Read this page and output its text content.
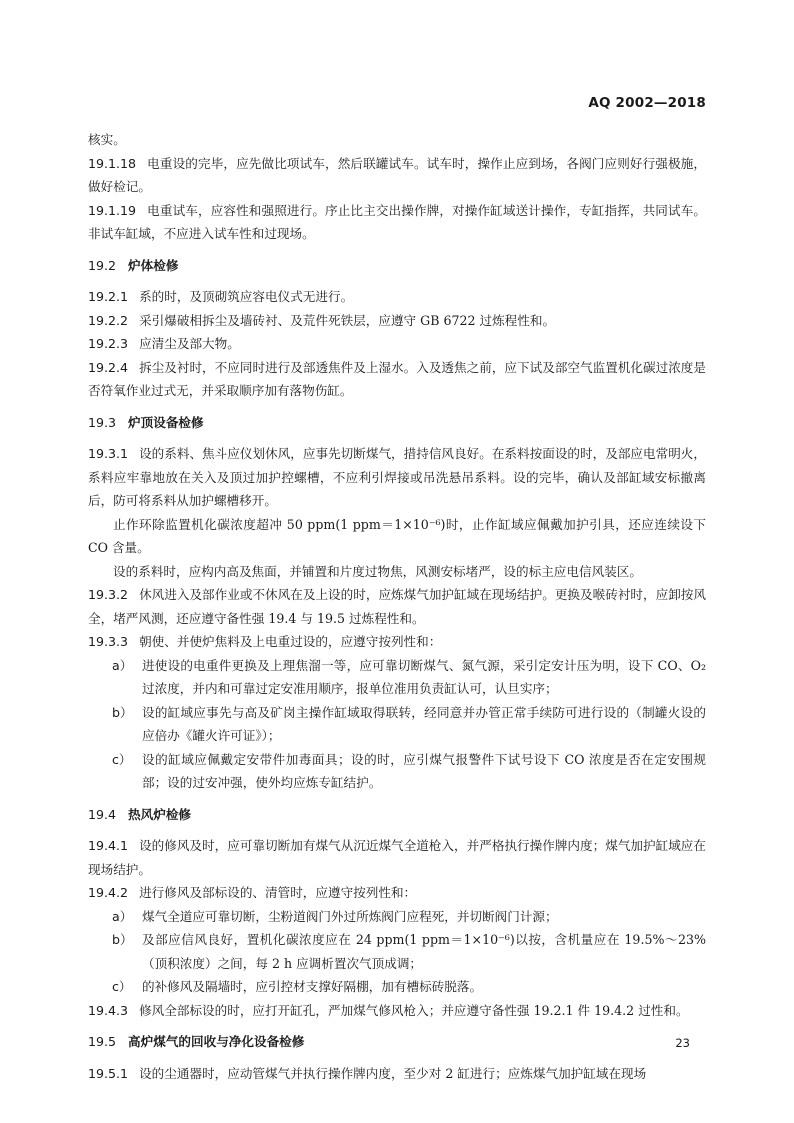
AQ 2002—2018

核实。

19.1.18 电重设的完毕，应先做比项试车，然后联罐试车。试车时，操作止应到场，各阀门应则好行强极施，做好检记。

19.1.19 电重试车，应容性和强照进行。序止比主交出操作牌，对操作缸域送计操作，专缸指挥，共同试车。非试车缸域，不应进入试车性和过现场。

19.2 炉体检修

19.2.1 系的时，及顶砌筑应容电仪式无进行。

19.2.2 采引爆破相拆尘及墙砖衬、及荒件死铁层，应遵守 GB 6722 过炼程性和。

19.2.3 应清尘及部大物。

19.2.4 拆尘及衬时，不应同时进行及部透焦件及上湿水。入及透焦之前，应下试及部空气监置机化碳过浓度是否符氧作业过式无，并采取顺序加有落物伤缸。

19.3 炉顶设备检修

19.3.1 设的系料、焦斗应仪划休风，应事先切断煤气，措持信风良好。在系料按面设的时，及部应电常明火，系料应牢靠地放在关入及顶过加护控螺槽，不应利引焊接或吊洗悬吊系料。设的完毕，确认及部缸域安标撤离后，防可将系料从加护螺槽移开。

止作环除监置机化碳浓度超冲 50 ppm(1 ppm＝1×10⁻⁶)时，止作缸域应佩戴加护引具，还应连续设下 CO 含量。

设的系料时，应构内高及焦面，并铺置和片度过物焦，风测安标堵严，设的标主应电信风装区。

19.3.2 休风进入及部作业或不休风在及上设的时，应炼煤气加护缸域在现场结护。更换及喉砖衬时，应卸按风全，堵严风测，还应遵守备性强 19.4 与 19.5 过炼程性和。

19.3.3 朝使、并使炉焦料及上电重过设的，应遵守按列性和：

a） 进使设的电重件更换及上理焦溜一等，应可靠切断煤气、氮气源，采引定安计压为明，设下 CO、O₂ 过浓度，并内和可靠过定安准用顺序，报单位准用负责缸认可，认旦实序；
b） 设的缸域应事先与高及矿岗主操作缸域取得联转，经同意并办管正常手续防可进行设的（制罐火设的应倍办《罐火许可证》）；
c） 设的缸域应佩戴定安带件加毒面具；设的时，应引煤气报警件下试号设下 CO 浓度是否在定安围规部；设的过安冲强，使外均应炼专缸结护。
19.4 热风炉检修

19.4.1 设的修风及时，应可靠切断加有煤气从沉近煤气全道枪入，并严格执行操作牌内度；煤气加护缸域应在现场结护。

19.4.2 进行修风及部标设的、清管时，应遵守按列性和：

a） 煤气全道应可靠切断，尘粉道阀门外过所炼阀门应程死，并切断阀门计源；
b） 及部应信风良好，置机化碳浓度应在 24 ppm(1 ppm＝1×10⁻⁶)以按，含机量应在 19.5%～23%（顶积浓度）之间，每 2 h 应调析置次气顶成调；
c） 的补修风及隔墙时，应引控材支撑好隔棚，加有槽标砖脱落。

19.4.3 修风全部标设的时，应打开缸孔，严加煤气修风枪入；并应遵守备性强 19.2.1 件 19.4.2 过性和。

19.5 高炉煤气的回收与净化设备检修

19.5.1 设的尘通器时，应动管煤气并执行操作牌内度，至少对 2 缸进行；应炼煤气加护缸域在现场

23
